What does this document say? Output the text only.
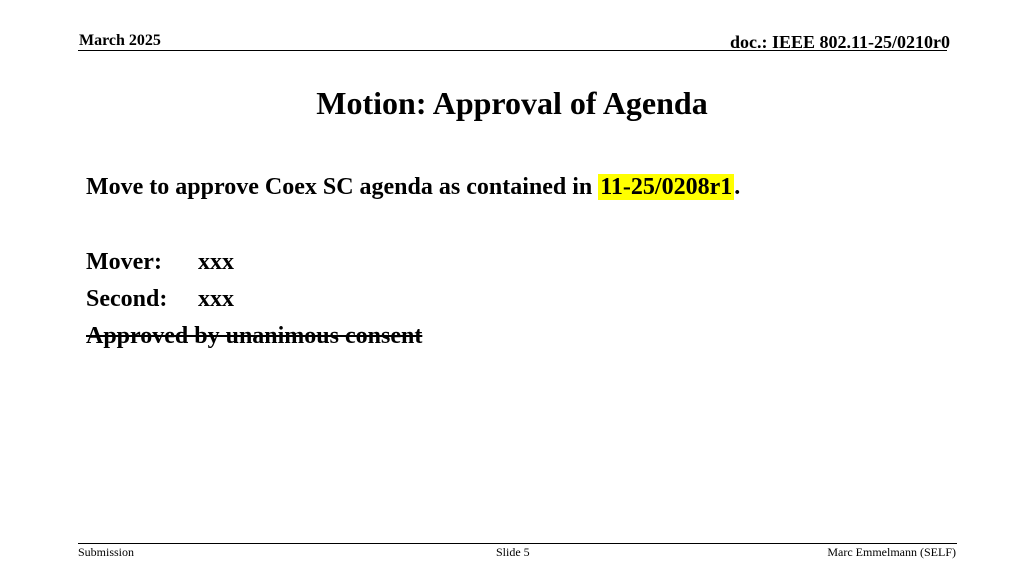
March 2025	doc.: IEEE 802.11-25/0210r0
Motion: Approval of Agenda
Move to approve Coex SC agenda as contained in 11-25/0208r1.
Mover: xxx
Second: xxx
Approved by unanimous consent
Submission	Slide 5	Marc Emmelmann (SELF)
